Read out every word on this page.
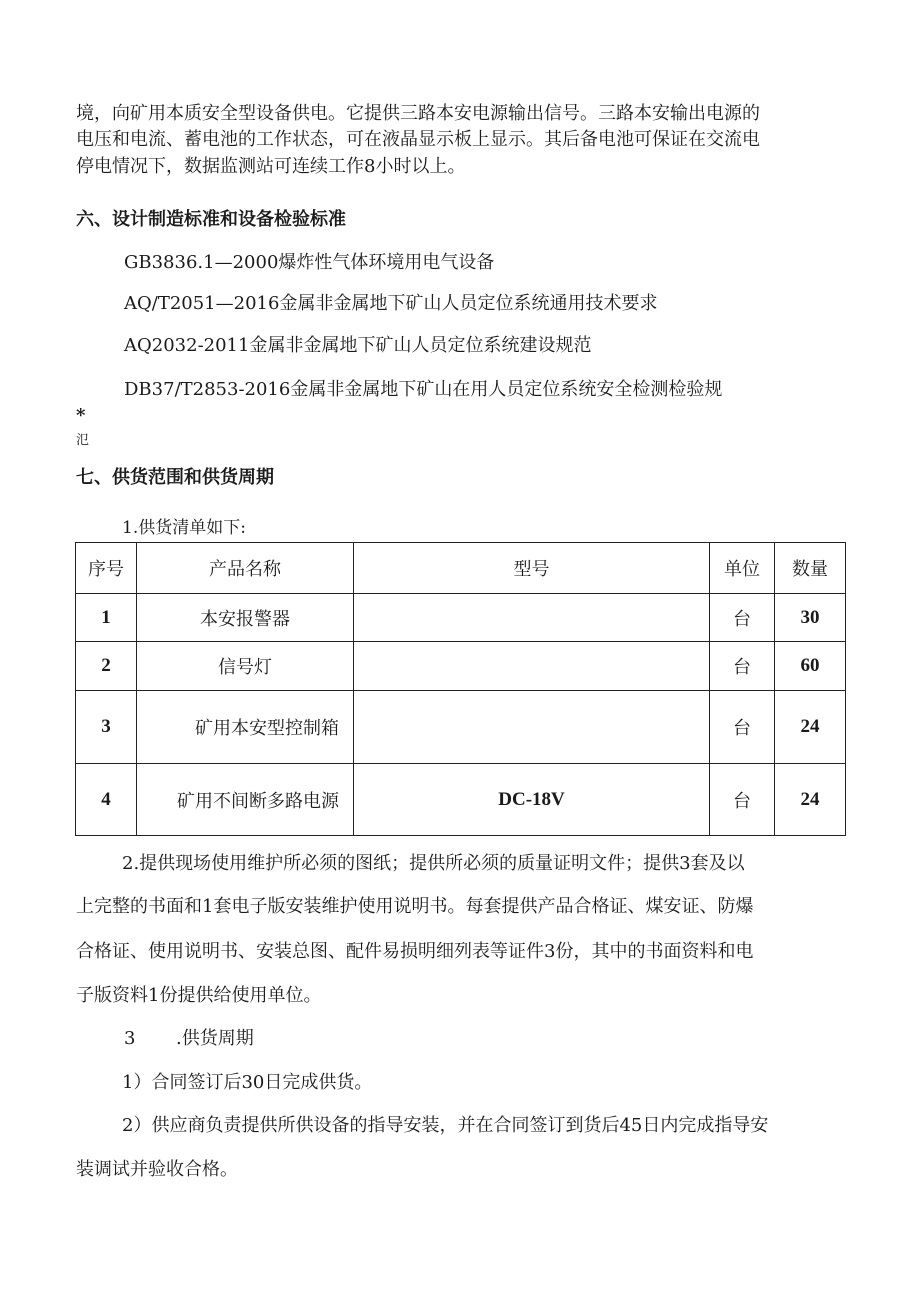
境，向矿用本质安全型设备供电。它提供三路本安电源输出信号。三路本安输出电源的
电压和电流、蓄电池的工作状态，可在液晶显示板上显示。其后备电池可保证在交流电
停电情况下，数据监测站可连续工作8小时以上。
六、设计制造标准和设备检验标准
GB3836.1—2000爆炸性气体环境用电气设备
AQ/T2051—2016金属非金属地下矿山人员定位系统通用技术要求
AQ2032-2011金属非金属地下矿山人员定位系统建设规范
DB37/T2853-2016金属非金属地下矿山在用人员定位系统安全检测检验规
*
氾
七、供货范围和供货周期
1.供货清单如下:
序号	产品名称	型号	单位	数量
1	本安报警器		台	30
2	信号灯		台	60
3	矿用本安型控制箱		台	24
4	矿用不间断多路电源	DC-18V	台	24
2.提供现场使用维护所必须的图纸；提供所必须的质量证明文件；提供3套及以
上完整的书面和1套电子版安装维护使用说明书。每套提供产品合格证、煤安证、防爆
合格证、使用说明书、安装总图、配件易损明细列表等证件3份，其中的书面资料和电
子版资料1份提供给使用单位。
3 .供货周期
1）合同签订后30日完成供货。
2）供应商负责提供所供设备的指导安装，并在合同签订到货后45日内完成指导安
装调试并验收合格。
